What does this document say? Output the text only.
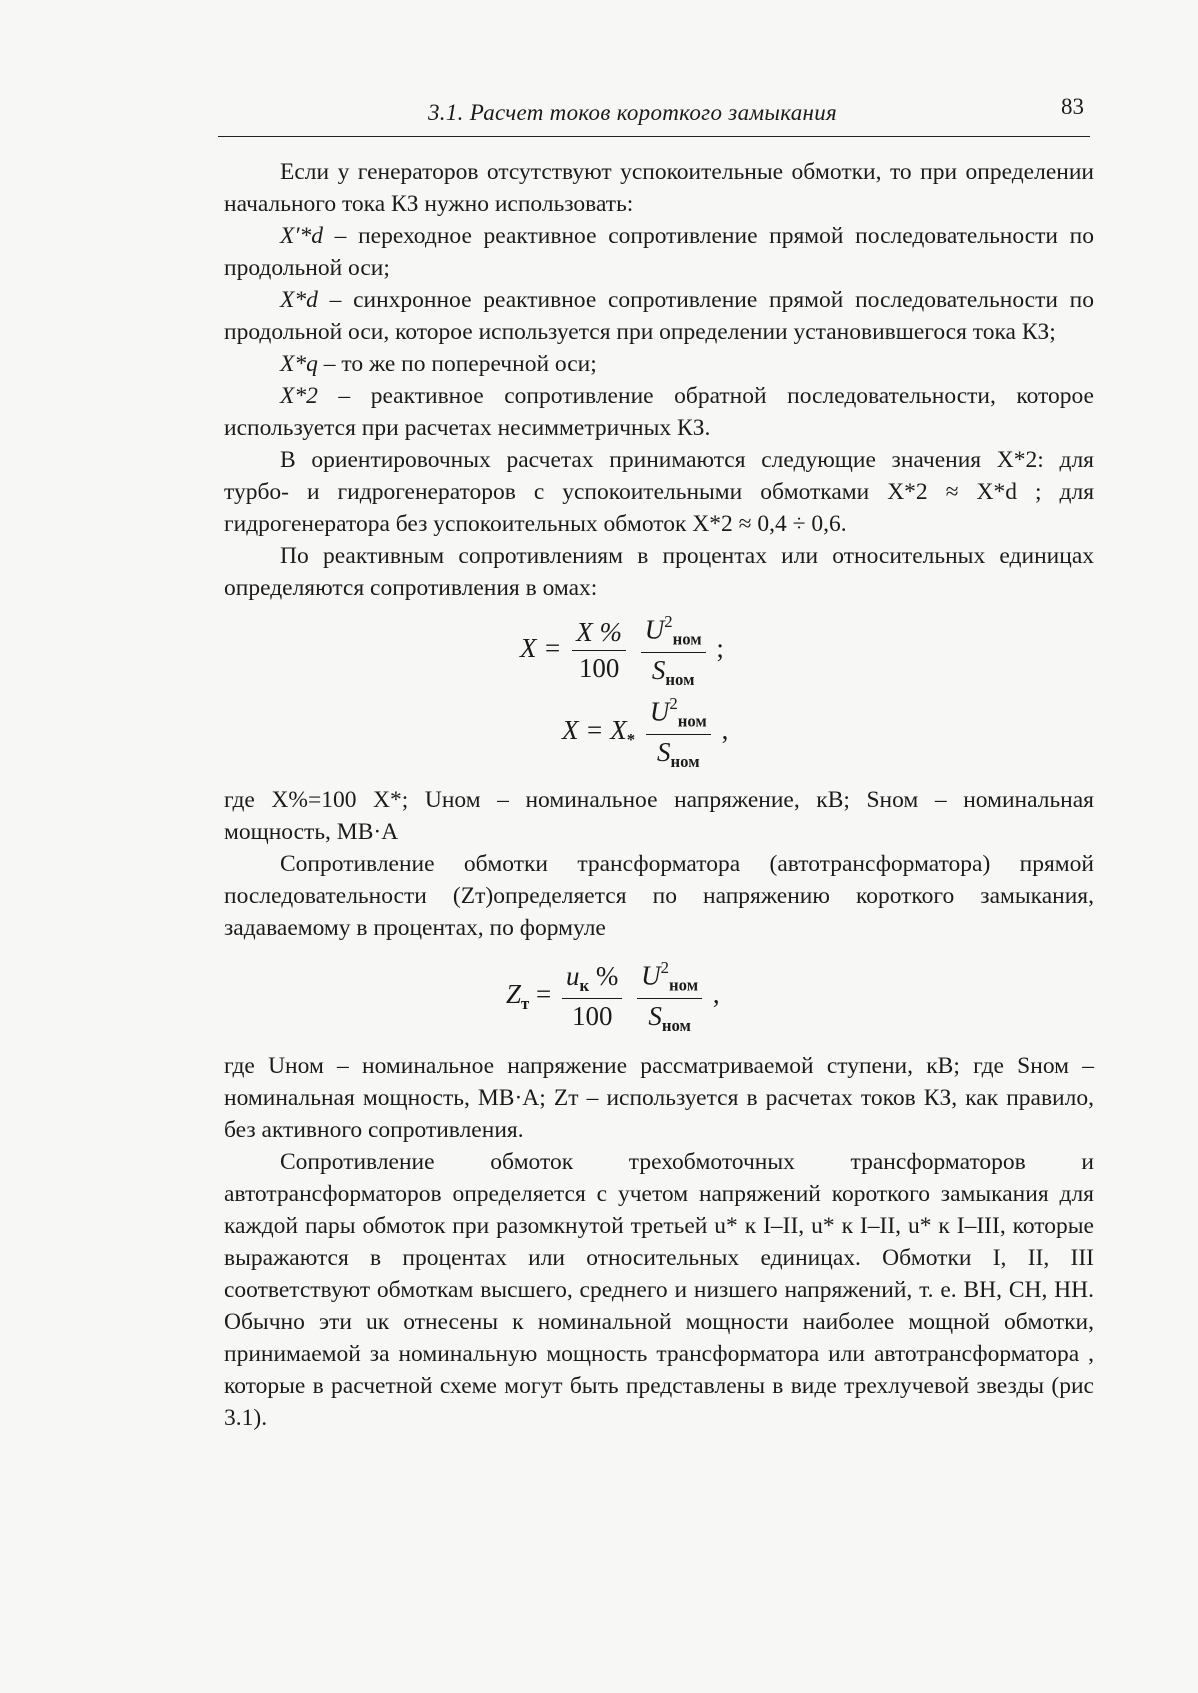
3.1. Расчет токов короткого замыкания	83

Если у генераторов отсутствуют успокоительные обмотки, то при определении начального тока КЗ нужно использовать:

X′*d – переходное реактивное сопротивление прямой последовательности по продольной оси;

X*d – синхронное реактивное сопротивление прямой последовательности по продольной оси, которое используется при определении установившегося тока КЗ;

X*q – то же по поперечной оси;

X*2 – реактивное сопротивление обратной последовательности, которое используется при расчетах несимметричных КЗ.

В ориентировочных расчетах принимаются следующие значения X*2: для турбо- и гидрогенераторов с успокоительными обмотками X*2 ≈ X*d ; для гидрогенератора без успокоительных обмоток X*2 ≈ 0,4 ÷ 0,6.

По реактивным сопротивлениям в процентах или относительных единицах определяются сопротивления в омах:

$X = \frac{X \%}{100}$
$\frac{U^2_{ном}}{S_{ном}}$ ;
$X = X_* \frac{U^2_{ном}}{S_{ном}}$ ,

где X%=100 X*; Uном – номинальное напряжение, кВ; Sном – номинальная мощность, МВ·А

Сопротивление обмотки трансформатора (автотрансформатора) прямой последовательности (Zт)определяется по напряжению короткого замыкания, задаваемому в процентах, по формуле

$Z_т = \frac{u_к \%}{100}$
$\frac{U^2_{ном}}{S_{ном}}$ ,

где Uном – номинальное напряжение рассматриваемой ступени, кВ; где Sном – номинальная мощность, МВ·А; Zт – используется в расчетах токов КЗ, как правило, без активного сопротивления.

Сопротивление обмоток трехобмоточных трансформаторов и автотрансформаторов определяется с учетом напряжений короткого замыкания для каждой пары обмоток при разомкнутой третьей u* к I–II, u* к I–II, u* к I–III, которые выражаются в процентах или относительных единицах. Обмотки I, II, III соответствуют обмоткам высшего, среднего и низшего напряжений, т. е. ВН, СН, НН. Обычно эти uк отнесены к номинальной мощности наиболее мощной обмотки, принимаемой за номинальную мощность трансформатора или автотрансформатора , которые в расчетной схеме могут быть представлены в виде трехлучевой звезды (рис 3.1).
